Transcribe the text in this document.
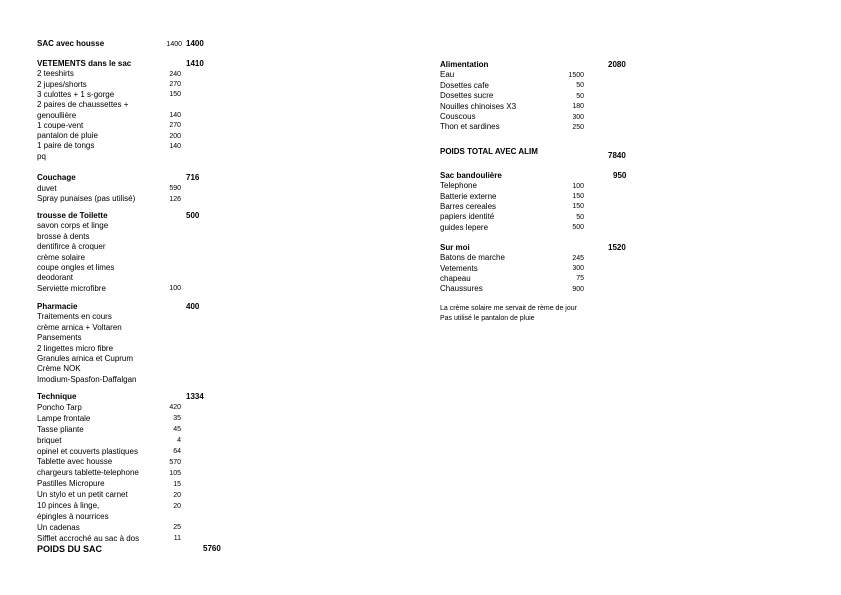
SAC avec housse	1400 1400
VETEMENTS dans le sac	1410
2 teeshirts	240
2 jupes/shorts	270
3 culottes + 1 s-gorge	150
2 paires de chaussettes +
genoullière	140
1 coupe-vent	270
pantalon de pluie	200
1 paire de tongs	140
pq
Couchage	716
duvet	590
Spray punaises (pas utilisé)	126
trousse de Toilette	500
savon corps et linge
brosse à dents
dentifirce à croquer
crème solaire
coupe ongles et limes
deodorant
Serviette microfibre	100
Pharmacie	400
Traitements en cours
crème arnica + Voltaren
Pansements
2 lingettes micro fibre
Granules arnica et Cuprum
Crème NOK
Imodium-Spasfon-Daffalgan
Technique	1334
Poncho Tarp	420
Lampe frontale	35
Tasse pliante	45
briquet	4
opinel et couverts plastiques	64
Tablette avec housse	570
chargeurs tablette-telephone	105
Pastilles Micropure	15
Un stylo et un petit carnet	20
10 pinces à linge,	20
épingles à nourrices
Un cadenas	25
Sifflet accroché au sac à dos	11
POIDS DU SAC	5760
Alimentation	2080
Eau	1500
Dosettes cafe	50
Dosettes sucre	50
Nouilles chinoises X3	180
Couscous	300
Thon et sardines	250
POIDS TOTAL AVEC ALIM	7840
Sac bandoulière	950
Telephone	100
Batterie externe	150
Barres cereales	150
papiers identité	50
guides lepere	500
Sur moi	1520
Batons de marche	245
Vetements	300
chapeau	75
Chaussures	900
La crème solaire me servait de rème de jour
Pas utilisé le pantalon de pluie
